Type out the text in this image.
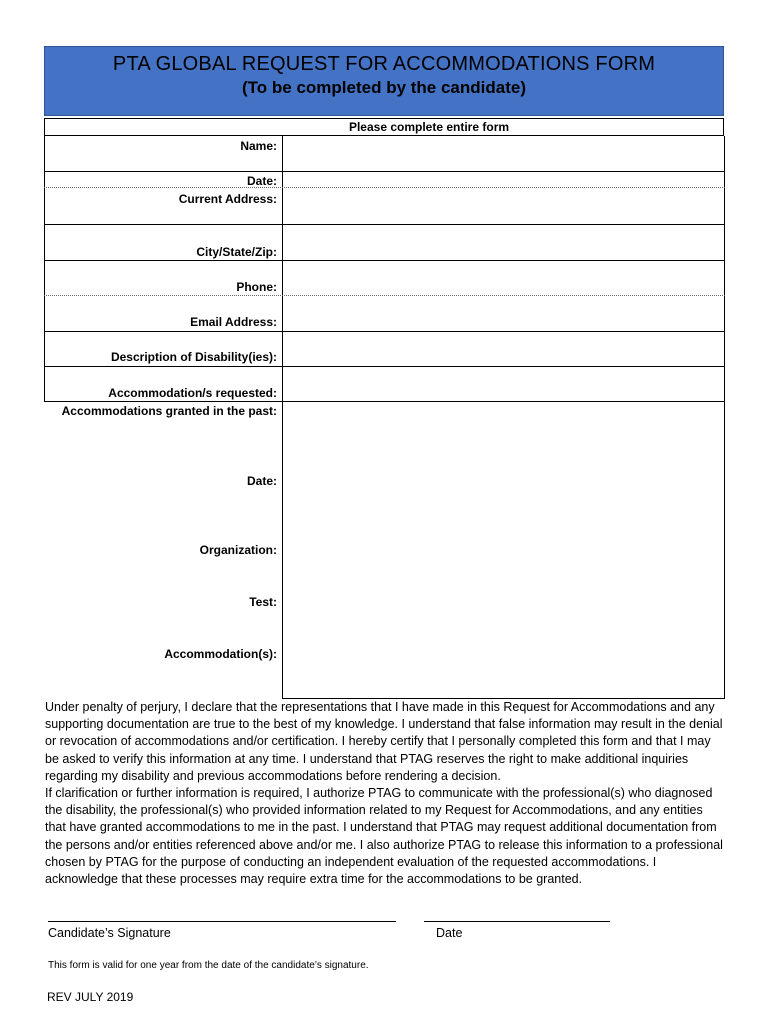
PTA GLOBAL REQUEST FOR ACCOMMODATIONS FORM
(To be completed by the candidate)
Please complete entire form
Name:
Date:
Current Address:
City/State/Zip:
Phone:
Email Address:
Description of Disability(ies):
Accommodation/s requested:
Accommodations granted in the past:
Date:
Organization:
Test:
Accommodation(s):

Under penalty of perjury, I declare that the representations that I have made in this Request for Accommodations and any supporting documentation are true to the best of my knowledge. I understand that false information may result in the denial or revocation of accommodations and/or certification. I hereby certify that I personally completed this form and that I may be asked to verify this information at any time. I understand that PTAG reserves the right to make additional inquiries regarding my disability and previous accommodations before rendering a decision.

If clarification or further information is required, I authorize PTAG to communicate with the professional(s) who diagnosed the disability, the professional(s) who provided information related to my Request for Accommodations, and any entities that have granted accommodations to me in the past. I understand that PTAG may request additional documentation from the persons and/or entities referenced above and/or me. I also authorize PTAG to release this information to a professional chosen by PTAG for the purpose of conducting an independent evaluation of the requested accommodations. I acknowledge that these processes may require extra time for the accommodations to be granted.

Candidate’s Signature	Date
This form is valid for one year from the date of the candidate’s signature.
REV JULY 2019
